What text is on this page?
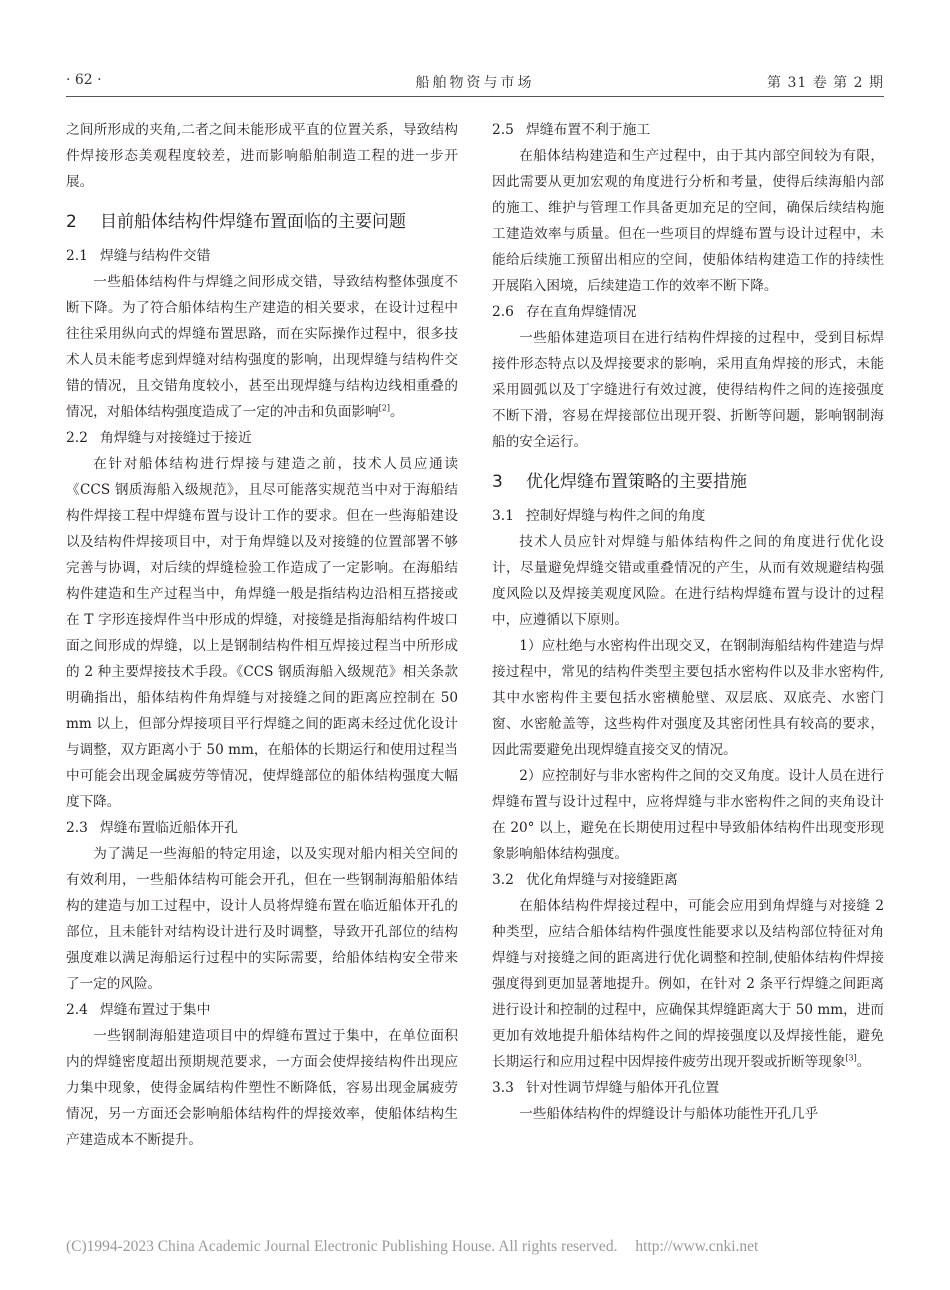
· 62 ·	船舶物资与市场	第 31 卷 第 2 期

之间所形成的夹角,二者之间未能形成平直的位置关系，导致结构件焊接形态美观程度较差，进而影响船舶制造工程的进一步开展。

2 目前船体结构件焊缝布置面临的主要问题
2.1 焊缝与结构件交错

一些船体结构件与焊缝之间形成交错，导致结构整体强度不断下降。为了符合船体结构生产建造的相关要求，在设计过程中往往采用纵向式的焊缝布置思路，而在实际操作过程中，很多技术人员未能考虑到焊缝对结构强度的影响，出现焊缝与结构件交错的情况，且交错角度较小，甚至出现焊缝与结构边线相重叠的情况，对船体结构强度造成了一定的冲击和负面影响[2]。

2.2 角焊缝与对接缝过于接近

在针对船体结构进行焊接与建造之前，技术人员应通读《CCS 钢质海船入级规范》，且尽可能落实规范当中对于海船结构件焊接工程中焊缝布置与设计工作的要求。但在一些海船建设以及结构件焊接项目中，对于角焊缝以及对接缝的位置部署不够完善与协调，对后续的焊缝检验工作造成了一定影响。在海船结构件建造和生产过程当中，角焊缝一般是指结构边沿相互搭接或在 T 字形连接焊件当中形成的焊缝，对接缝是指海船结构件坡口面之间形成的焊缝，以上是钢制结构件相互焊接过程当中所形成的 2 种主要焊接技术手段。《CCS 钢质海船入级规范》相关条款明确指出，船体结构件角焊缝与对接缝之间的距离应控制在 50 mm 以上，但部分焊接项目平行焊缝之间的距离未经过优化设计与调整，双方距离小于 50 mm，在船体的长期运行和使用过程当中可能会出现金属疲劳等情况，使焊缝部位的船体结构强度大幅度下降。

2.3 焊缝布置临近船体开孔

为了满足一些海船的特定用途，以及实现对船内相关空间的有效利用，一些船体结构可能会开孔，但在一些钢制海船船体结构的建造与加工过程中，设计人员将焊缝布置在临近船体开孔的部位，且未能针对结构设计进行及时调整，导致开孔部位的结构强度难以满足海船运行过程中的实际需要，给船体结构安全带来了一定的风险。

2.4 焊缝布置过于集中

一些钢制海船建造项目中的焊缝布置过于集中，在单位面积内的焊缝密度超出预期规范要求，一方面会使焊接结构件出现应力集中现象，使得金属结构件塑性不断降低，容易出现金属疲劳情况，另一方面还会影响船体结构件的焊接效率，使船体结构生产建造成本不断提升。

2.5 焊缝布置不利于施工

在船体结构建造和生产过程中，由于其内部空间较为有限，因此需要从更加宏观的角度进行分析和考量，使得后续海船内部的施工、维护与管理工作具备更加充足的空间，确保后续结构施工建造效率与质量。但在一些项目的焊缝布置与设计过程中，未能给后续施工预留出相应的空间，使船体结构建造工作的持续性开展陷入困境，后续建造工作的效率不断下降。

2.6 存在直角焊缝情况

一些船体建造项目在进行结构件焊接的过程中，受到目标焊接件形态特点以及焊接要求的影响，采用直角焊接的形式，未能采用圆弧以及丁字缝进行有效过渡，使得结构件之间的连接强度不断下滑，容易在焊接部位出现开裂、折断等问题，影响钢制海船的安全运行。

3 优化焊缝布置策略的主要措施
3.1 控制好焊缝与构件之间的角度

技术人员应针对焊缝与船体结构件之间的角度进行优化设计，尽量避免焊缝交错或重叠情况的产生，从而有效规避结构强度风险以及焊接美观度风险。在进行结构焊缝布置与设计的过程中，应遵循以下原则。

1）应杜绝与水密构件出现交叉，在钢制海船结构件建造与焊接过程中，常见的结构件类型主要包括水密构件以及非水密构件,其中水密构件主要包括水密横舱壁、双层底、双底壳、水密门窗、水密舱盖等，这些构件对强度及其密闭性具有较高的要求，因此需要避免出现焊缝直接交叉的情况。

2）应控制好与非水密构件之间的交叉角度。设计人员在进行焊缝布置与设计过程中，应将焊缝与非水密构件之间的夹角设计在 20° 以上，避免在长期使用过程中导致船体结构件出现变形现象影响船体结构强度。

3.2 优化角焊缝与对接缝距离

在船体结构件焊接过程中，可能会应用到角焊缝与对接缝 2 种类型，应结合船体结构件强度性能要求以及结构部位特征对角焊缝与对接缝之间的距离进行优化调整和控制,使船体结构件焊接强度得到更加显著地提升。例如，在针对 2 条平行焊缝之间距离进行设计和控制的过程中，应确保其焊缝距离大于 50 mm，进而更加有效地提升船体结构件之间的焊接强度以及焊接性能，避免长期运行和应用过程中因焊接件疲劳出现开裂或折断等现象[3]。

3.3 针对性调节焊缝与船体开孔位置

一些船体结构件的焊缝设计与船体功能性开孔几乎

(C)1994-2023 China Academic Journal Electronic Publishing House. All rights reserved. http://www.cnki.net
